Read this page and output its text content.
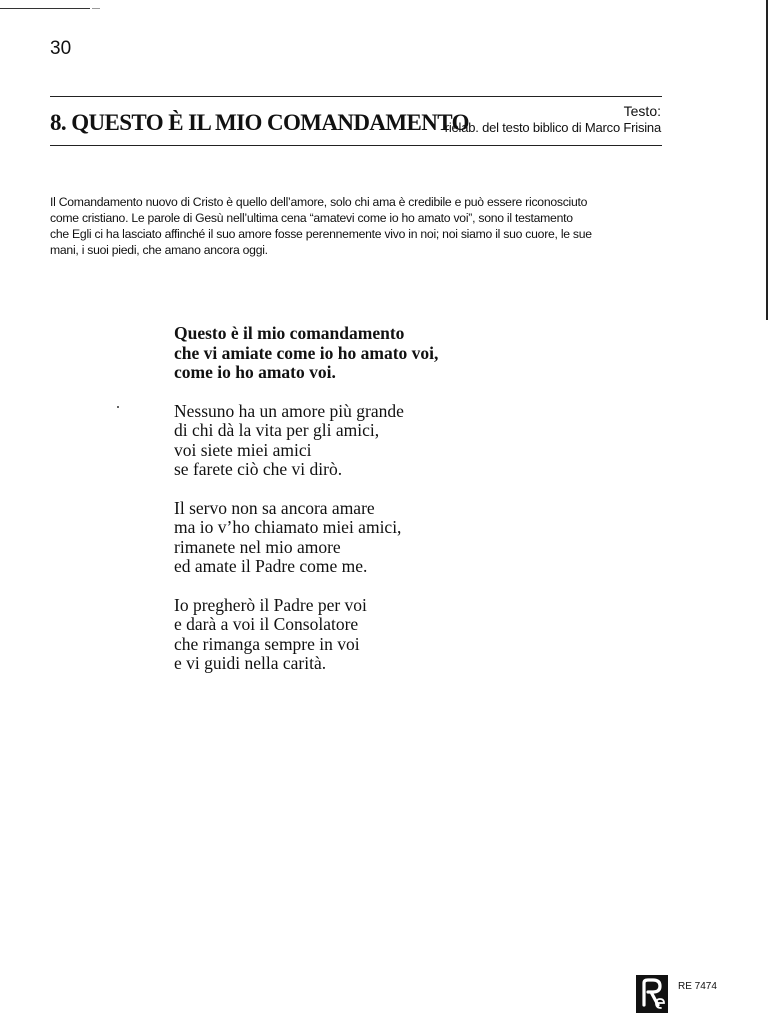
30
8. QUESTO È IL MIO COMANDAMENTO	Testo:
rielab. del testo biblico di Marco Frisina
Il Comandamento nuovo di Cristo è quello dell’amore, solo chi ama è credibile e può essere riconosciuto
come cristiano. Le parole di Gesù nell’ultima cena “amatevi come io ho amato voi”, sono il testamento
che Egli ci ha lasciato affinché il suo amore fosse perennemente vivo in noi; noi siamo il suo cuore, le sue
mani, i suoi piedi, che amano ancora oggi.
Questo è il mio comandamento
che vi amiate come io ho amato voi,
come io ho amato voi.
Nessuno ha un amore più grande
di chi dà la vita per gli amici,
voi siete miei amici
se farete ciò che vi dirò.
Il servo non sa ancora amare
ma io v’ho chiamato miei amici,
rimanete nel mio amore
ed amate il Padre come me.
Io pregherò il Padre per voi
e darà a voi il Consolatore
che rimanga sempre in voi
e vi guidi nella carità.
RE 7474
